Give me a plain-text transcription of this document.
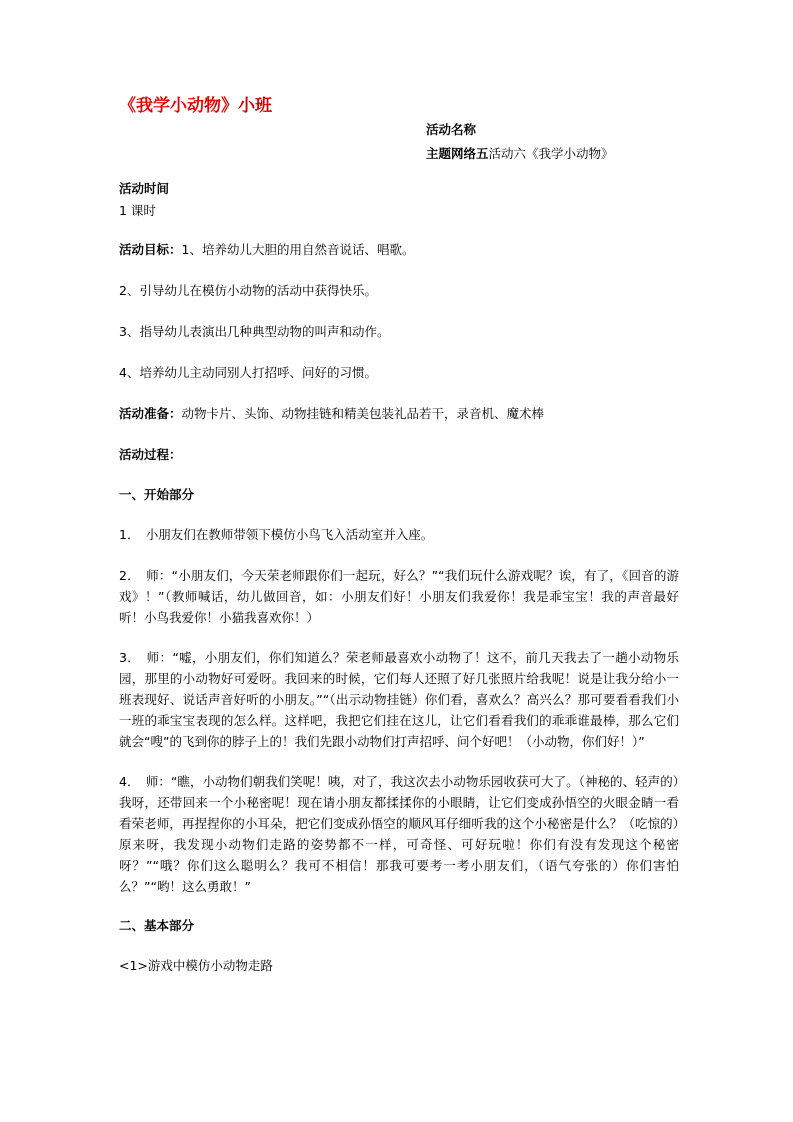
《我学小动物》小班
活动名称
主题网络五活动六《我学小动物》

活动时间

1 课时

活动目标：1、培养幼儿大胆的用自然音说话、唱歌。

2、引导幼儿在模仿小动物的活动中获得快乐。

3、指导幼儿表演出几种典型动物的叫声和动作。

4、培养幼儿主动同别人打招呼、问好的习惯。

活动准备：动物卡片、头饰、动物挂链和精美包装礼品若干，录音机、魔术棒

活动过程：

一、开始部分

1．　小朋友们在教师带领下模仿小鸟飞入活动室并入座。

2．　师：“小朋友们，今天荣老师跟你们一起玩，好么？”“我们玩什么游戏呢？诶，有了，《回音的游戏》！”（教师喊话，幼儿做回音，如：小朋友们好！小朋友们我爱你！我是乖宝宝！我的声音最好听！小鸟我爱你！小猫我喜欢你！）

3．　师：“嘘，小朋友们，你们知道么？荣老师最喜欢小动物了！这不，前几天我去了一趟小动物乐园，那里的小动物好可爱呀。我回来的时候，它们每人还照了好几张照片给我呢！说是让我分给小一班表现好、说话声音好听的小朋友。”“（出示动物挂链）你们看，喜欢么？高兴么？那可要看看我们小一班的乖宝宝表现的怎么样。这样吧，我把它们挂在这儿，让它们看看我们的乖乖谁最棒，那么它们就会“嗖”的飞到你的脖子上的！我们先跟小动物们打声招呼、问个好吧！（小动物，你们好！）”

4．　师：“瞧，小动物们朝我们笑呢！咦，对了，我这次去小动物乐园收获可大了。（神秘的、轻声的）我呀，还带回来一个小秘密呢！现在请小朋友都揉揉你的小眼睛，让它们变成孙悟空的火眼金睛一看看荣老师，再捏捏你的小耳朵，把它们变成孙悟空的顺风耳仔细听我的这个小秘密是什么？（吃惊的）原来呀，我发现小动物们走路的姿势都不一样，可奇怪、可好玩啦！你们有没有发现这个秘密呀？”“哦？你们这么聪明么？我可不相信！那我可要考一考小朋友们，（语气夸张的）你们害怕么？”“哟！这么勇敢！”

二、基本部分

<1>游戏中模仿小动物走路
